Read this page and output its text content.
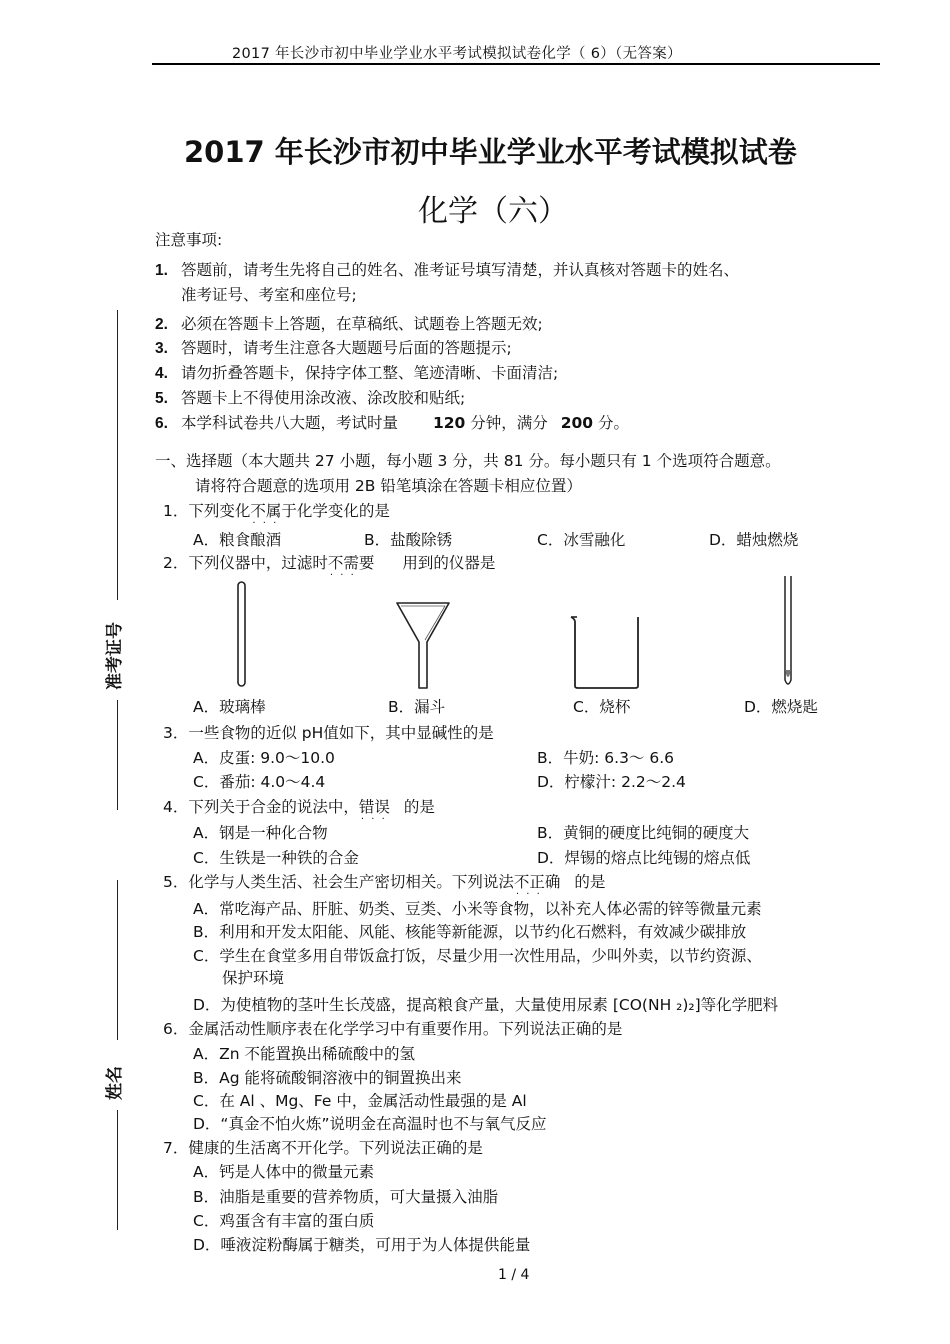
2017 年长沙市初中毕业学业水平考试模拟试卷化学（ 6）（无答案）
2017 年长沙市初中毕业学业水平考试模拟试卷
化学（六）
准考证号
姓名
注意事项:
1. 答题前，请考生先将自己的姓名、准考证号填写清楚，并认真核对答题卡的姓名、
准考证号、考室和座位号;
2. 必须在答题卡上答题，在草稿纸、试题卷上答题无效;
3. 答题时，请考生注意各大题题号后面的答题提示;
4. 请勿折叠答题卡，保持字体工整、笔迹清晰、卡面清洁;
5. 答题卡上不得使用涂改液、涂改胶和贴纸;
6. 本学科试卷共八大题，考试时量 120 分钟，满分 200 分。
一、选择题（本大题共 27 小题，每小题 3 分，共 81 分。每小题只有 1 个选项符合题意。
请将符合题意的选项用 2B 铅笔填涂在答题卡相应位置）
1．下列变化不属于 · · ·化学变化的是
A．粮食酿酒	B．盐酸除锈	C．冰雪融化	D．蜡烛燃烧
2．下列仪器中，过滤时不需要 · · · 用到的仪器是
A．玻璃棒	B．漏斗	C．烧杯	D．燃烧匙
3．一些食物的近似 pH值如下，其中显碱性的是
A．皮蛋: 9.0～10.0	B．牛奶: 6.3～ 6.6
C．番茄: 4.0～4.4	D．柠檬汁: 2.2～2.4
4．下列关于合金的说法中，错误 · · · 的是
A．钢是一种化合物	B．黄铜的硬度比纯铜的硬度大
C．生铁是一种铁的合金	D．焊锡的熔点比纯锡的熔点低
5．化学与人类生活、社会生产密切相关。下列说法不正确 · · · 的是
A．常吃海产品、肝脏、奶类、豆类、小米等食物，以补充人体必需的锌等微量元素
B．利用和开发太阳能、风能、核能等新能源，以节约化石燃料，有效减少碳排放
C．学生在食堂多用自带饭盒打饭，尽量少用一次性用品，少叫外卖，以节约资源、
保护环境
D．为使植物的茎叶生长茂盛，提高粮食产量，大量使用尿素 [CO(NH ₂)₂]等化学肥料
6．金属活动性顺序表在化学学习中有重要作用。下列说法正确的是
A．Zn 不能置换出稀硫酸中的氢
B．Ag 能将硫酸铜溶液中的铜置换出来
C．在 Al 、Mg、Fe 中，金属活动性最强的是 Al
D．“真金不怕火炼”说明金在高温时也不与氧气反应
7．健康的生活离不开化学。下列说法正确的是
A．钙是人体中的微量元素
B．油脂是重要的营养物质，可大量摄入油脂
C．鸡蛋含有丰富的蛋白质
D．唾液淀粉酶属于糖类，可用于为人体提供能量
1 / 4
